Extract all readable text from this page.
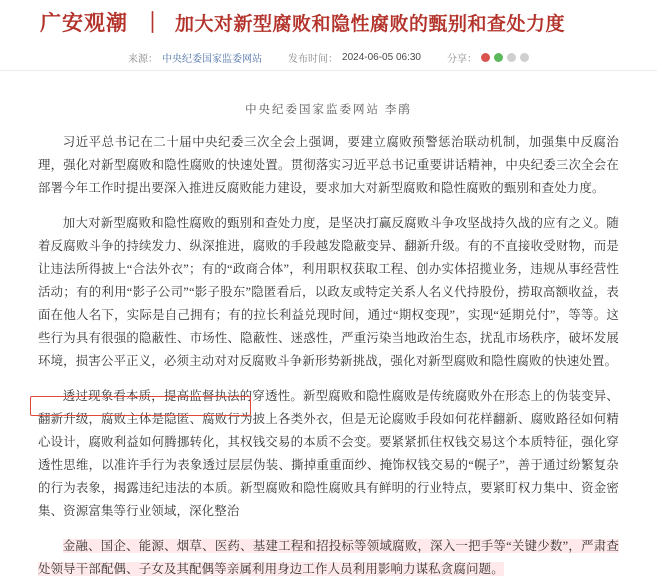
广安观潮 ｜ 加大对新型腐败和隐性腐败的甄别和查处力度
来源： 中央纪委国家监委网站	发布时间： 2024-06-05 06:30	分享：
中央纪委国家监委网站 李鹃

习近平总书记在二十届中央纪委三次全会上强调，要建立腐败预警惩治联动机制，加强集中反腐治理，强化对新型腐败和隐性腐败的快速处置。贯彻落实习近平总书记重要讲话精神，中央纪委三次全会在部署今年工作时提出要深入推进反腐败能力建设，要求加大对新型腐败和隐性腐败的甄别和查处力度。

加大对新型腐败和隐性腐败的甄别和查处力度，是坚决打赢反腐败斗争攻坚战持久战的应有之义。随着反腐败斗争的持续发力、纵深推进，腐败的手段越发隐蔽变异、翻新升级。有的不直接收受财物，而是让违法所得披上“合法外衣”；有的“政商合体”，利用职权获取工程、创办实体招揽业务，违规从事经营性活动；有的利用“影子公司”“影子股东”隐匿看后，以政友或特定关系人名义代持股份，捞取高额收益，表面在他人名下，实际是自己拥有；有的拉长利益兑现时间，通过“期权变现”，实现“延期兑付”，等等。这些行为具有很强的隐蔽性、市场性、隐蔽性、迷惑性，严重污染当地政治生态，扰乱市场秩序，破坏发展环境，损害公平正义，必须主动对对反腐败斗争新形势新挑战，强化对新型腐败和隐性腐败的快速处置。

透过现象看本质，提高监督执法的穿透性。新型腐败和隐性腐败是传统腐败外在形态上的伪装变异、翻新升级，腐败主体是隐匿、腐败行为披上各类外衣，但是无论腐败手段如何花样翻新、腐败路径如何精心设计，腐败利益如何腾挪转化，其权钱交易的本质不会变。要紧紧抓住权钱交易这个本质特征，强化穿透性思维，以准许手行为表象透过层层伪装、撕掉重重面纱、掩饰权钱交易的“幌子”，善于通过纷繁复杂的行为表象，揭露违纪违法的本质。新型腐败和隐性腐败具有鲜明的行业特点，要紧盯权力集中、资金密集、资源富集等行业领域，深化整治

金融、国企、能源、烟草、医药、基建工程和招投标等领域腐败，深入一把手等“关键少数”，严肃查处领导干部配偶、子女及其配偶等亲属利用身边工作人员利用影响力谋私贪腐问题。
